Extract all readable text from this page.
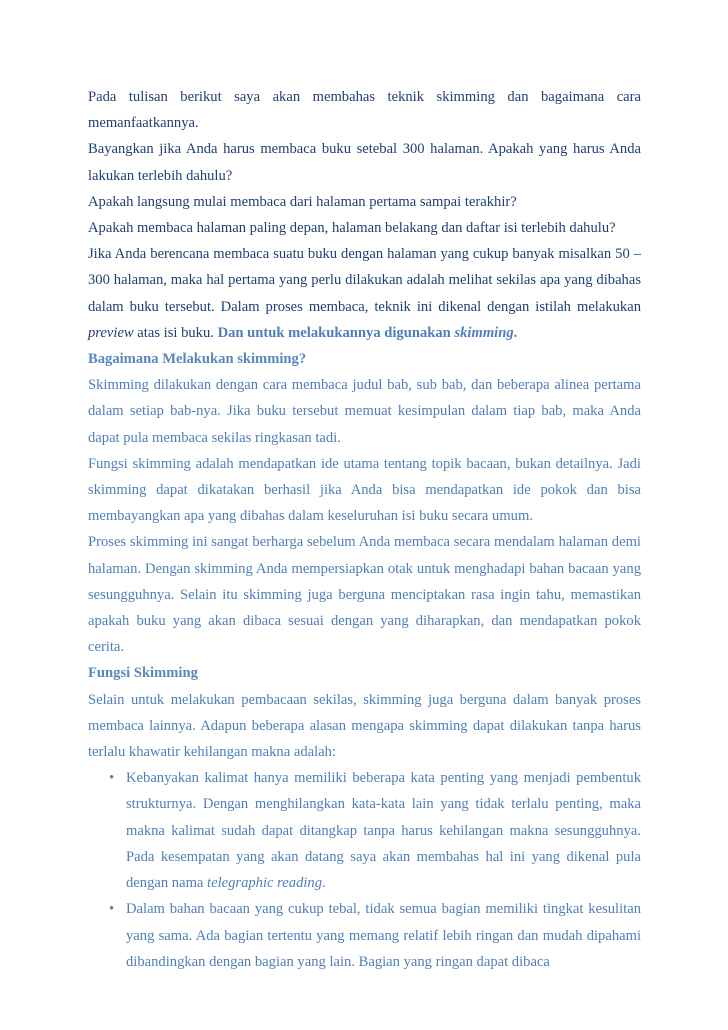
Pada tulisan berikut saya akan membahas teknik skimming dan bagaimana cara memanfaatkannya.

Bayangkan jika Anda harus membaca buku setebal 300 halaman. Apakah yang harus Anda lakukan terlebih dahulu?

Apakah langsung mulai membaca dari halaman pertama sampai terakhir?

Apakah membaca halaman paling depan, halaman belakang dan daftar isi terlebih dahulu?

Jika Anda berencana membaca suatu buku dengan halaman yang cukup banyak misalkan 50 – 300 halaman, maka hal pertama yang perlu dilakukan adalah melihat sekilas apa yang dibahas dalam buku tersebut. Dalam proses membaca, teknik ini dikenal dengan istilah melakukan preview atas isi buku. Dan untuk melakukannya digunakan skimming.

Bagaimana Melakukan skimming?

Skimming dilakukan dengan cara membaca judul bab, sub bab, dan beberapa alinea pertama dalam setiap bab-nya. Jika buku tersebut memuat kesimpulan dalam tiap bab, maka Anda dapat pula membaca sekilas ringkasan tadi.

Fungsi skimming adalah mendapatkan ide utama tentang topik bacaan, bukan detailnya. Jadi skimming dapat dikatakan berhasil jika Anda bisa mendapatkan ide pokok dan bisa membayangkan apa yang dibahas dalam keseluruhan isi buku secara umum.

Proses skimming ini sangat berharga sebelum Anda membaca secara mendalam halaman demi halaman. Dengan skimming Anda mempersiapkan otak untuk menghadapi bahan bacaan yang sesungguhnya. Selain itu skimming juga berguna menciptakan rasa ingin tahu, memastikan apakah buku yang akan dibaca sesuai dengan yang diharapkan, dan mendapatkan pokok cerita.

Fungsi Skimming

Selain untuk melakukan pembacaan sekilas, skimming juga berguna dalam banyak proses membaca lainnya. Adapun beberapa alasan mengapa skimming dapat dilakukan tanpa harus terlalu khawatir kehilangan makna adalah:

• Kebanyakan kalimat hanya memiliki beberapa kata penting yang menjadi pembentuk strukturnya. Dengan menghilangkan kata-kata lain yang tidak terlalu penting, maka makna kalimat sudah dapat ditangkap tanpa harus kehilangan makna sesungguhnya. Pada kesempatan yang akan datang saya akan membahas hal ini yang dikenal pula dengan nama telegraphic reading.
• Dalam bahan bacaan yang cukup tebal, tidak semua bagian memiliki tingkat kesulitan yang sama. Ada bagian tertentu yang memang relatif lebih ringan dan mudah dipahami dibandingkan dengan bagian yang lain. Bagian yang ringan dapat dibaca
